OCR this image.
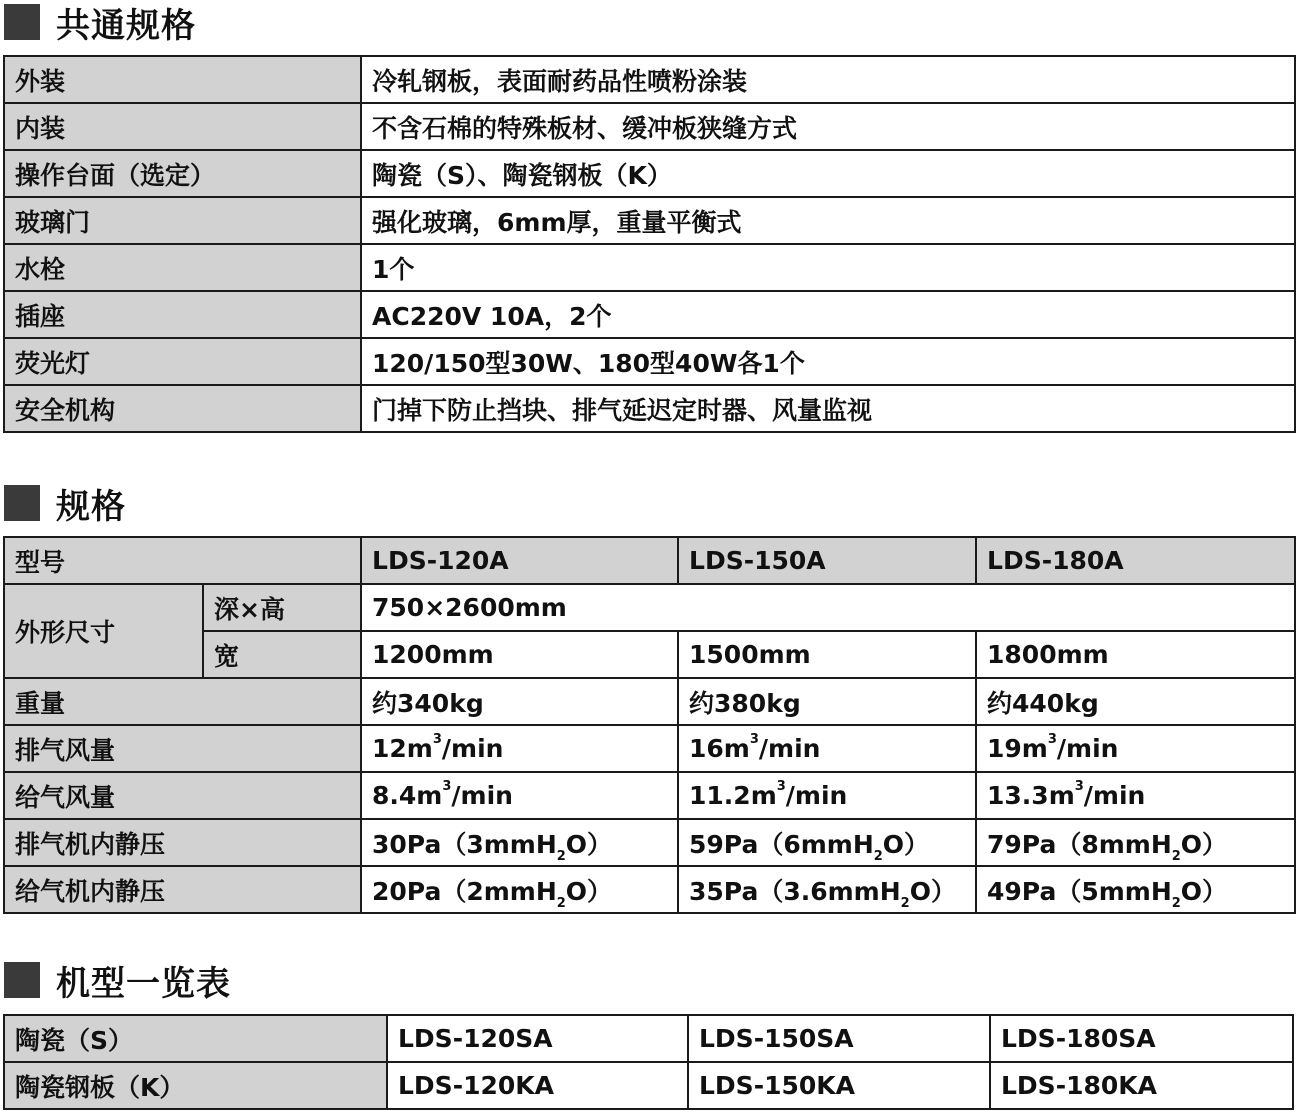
共通规格
外装	冷轧钢板，表面耐药品性喷粉涂装
内装	不含石棉的特殊板材、缓冲板狭缝方式
操作台面（选定）	陶瓷（S）、陶瓷钢板（K）
玻璃门	强化玻璃，6mm厚，重量平衡式
水栓	1个
插座	AC220V 10A，2个
荧光灯	120/150型30W、180型40W各1个
安全机构	门掉下防止挡块、排气延迟定时器、风量监视
规格
型号		LDS-120A	LDS-150A	LDS-180A
外形尺寸	深×高	750×2600mm		
	宽	1200mm	1500mm	1800mm
重量		约340kg	约380kg	约440kg
排气风量		$12m^3/\min$	$16m^3/\min$	$19m^3/\min$
给气风量		$8.4m^3/\min$	$11.2m^3/\min$	$13.3m^3/\min$
排气机内静压		30Pa（3mmH$_2$O）	59Pa（6mmH$_2$O）	79Pa（8mmH$_2$O）
给气机内静压		20Pa（2mmH$_2$O）	35Pa（3.6mmH$_2$O）	49Pa（5mmH$_2$O）
机型一览表
陶瓷（S）	LDS-120SA	LDS-150SA	LDS-180SA
陶瓷钢板（K）	LDS-120KA	LDS-150KA	LDS-180KA
